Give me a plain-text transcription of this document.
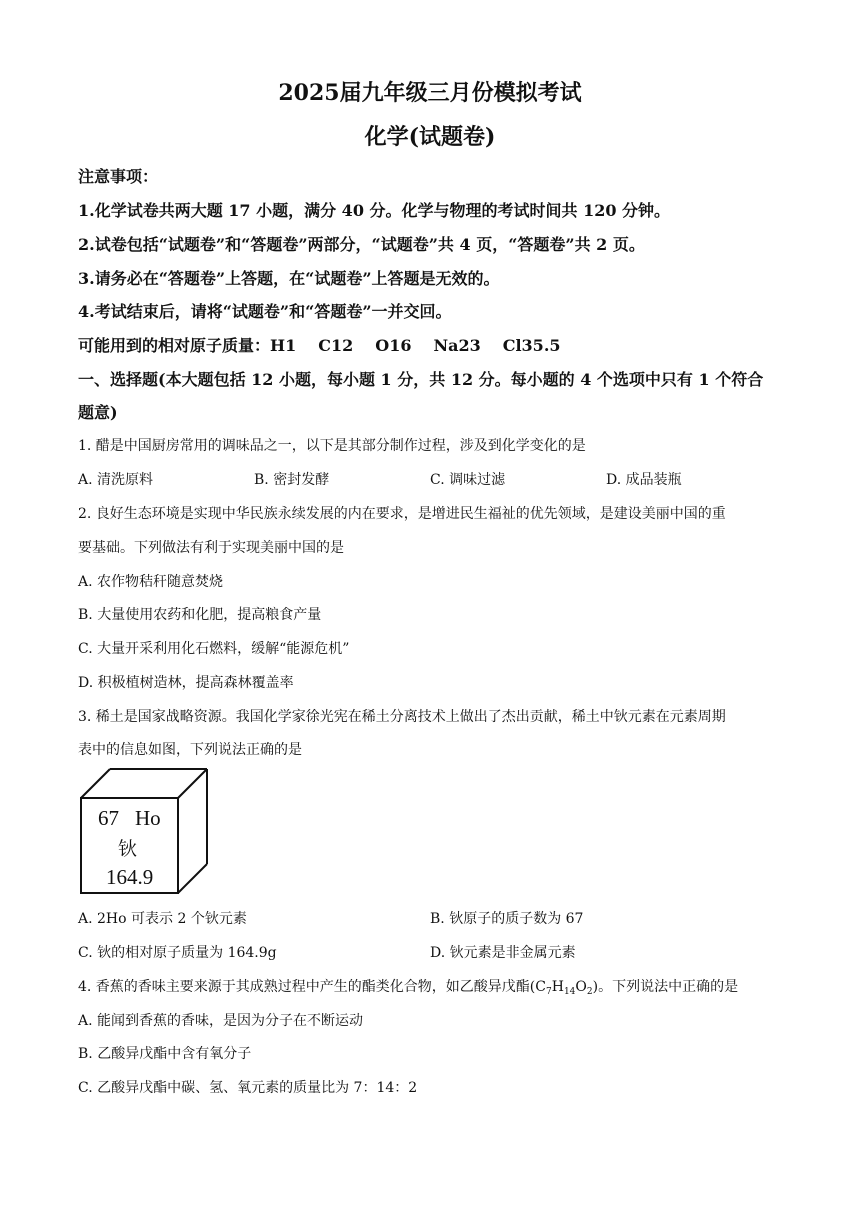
2025届九年级三月份模拟考试
化学(试题卷)
注意事项：
1.化学试卷共两大题 17 小题，满分 40 分。化学与物理的考试时间共 120 分钟。
2.试卷包括“试题卷”和“答题卷”两部分，“试题卷”共 4 页，“答题卷”共 2 页。
3.请务必在“答题卷”上答题，在“试题卷”上答题是无效的。
4.考试结束后，请将“试题卷”和“答题卷”一并交回。
可能用到的相对原子质量：H1 C12 O16 Na23 Cl35.5
一、选择题(本大题包括 12 小题，每小题 1 分，共 12 分。每小题的 4 个选项中只有 1 个符合
题意)
1. 醋是中国厨房常用的调味品之一，以下是其部分制作过程，涉及到化学变化的是
A. 清洗原料	B. 密封发酵	C. 调味过滤	D. 成品装瓶
2. 良好生态环境是实现中华民族永续发展的内在要求，是增进民生福祉的优先领域，是建设美丽中国的重
要基础。下列做法有利于实现美丽中国的是
A. 农作物秸秆随意焚烧
B. 大量使用农药和化肥，提高粮食产量
C. 大量开采利用化石燃料，缓解“能源危机”
D. 积极植树造林，提高森林覆盖率
3. 稀土是国家战略资源。我国化学家徐光宪在稀土分离技术上做出了杰出贡献，稀土中钬元素在元素周期
表中的信息如图，下列说法正确的是
67 Ho
钬
164.9
A. 2Ho 可表示 2 个钬元素	B. 钬原子的质子数为 67
C. 钬的相对原子质量为 164.9g	D. 钬元素是非金属元素
4. 香蕉的香味主要来源于其成熟过程中产生的酯类化合物，如乙酸异戊酯$(C_7H_{14}O_2)$。下列说法中正确的是
A. 能闻到香蕉的香味，是因为分子在不断运动
B. 乙酸异戊酯中含有氧分子
C. 乙酸异戊酯中碳、氢、氧元素的质量比为 7：14：2
